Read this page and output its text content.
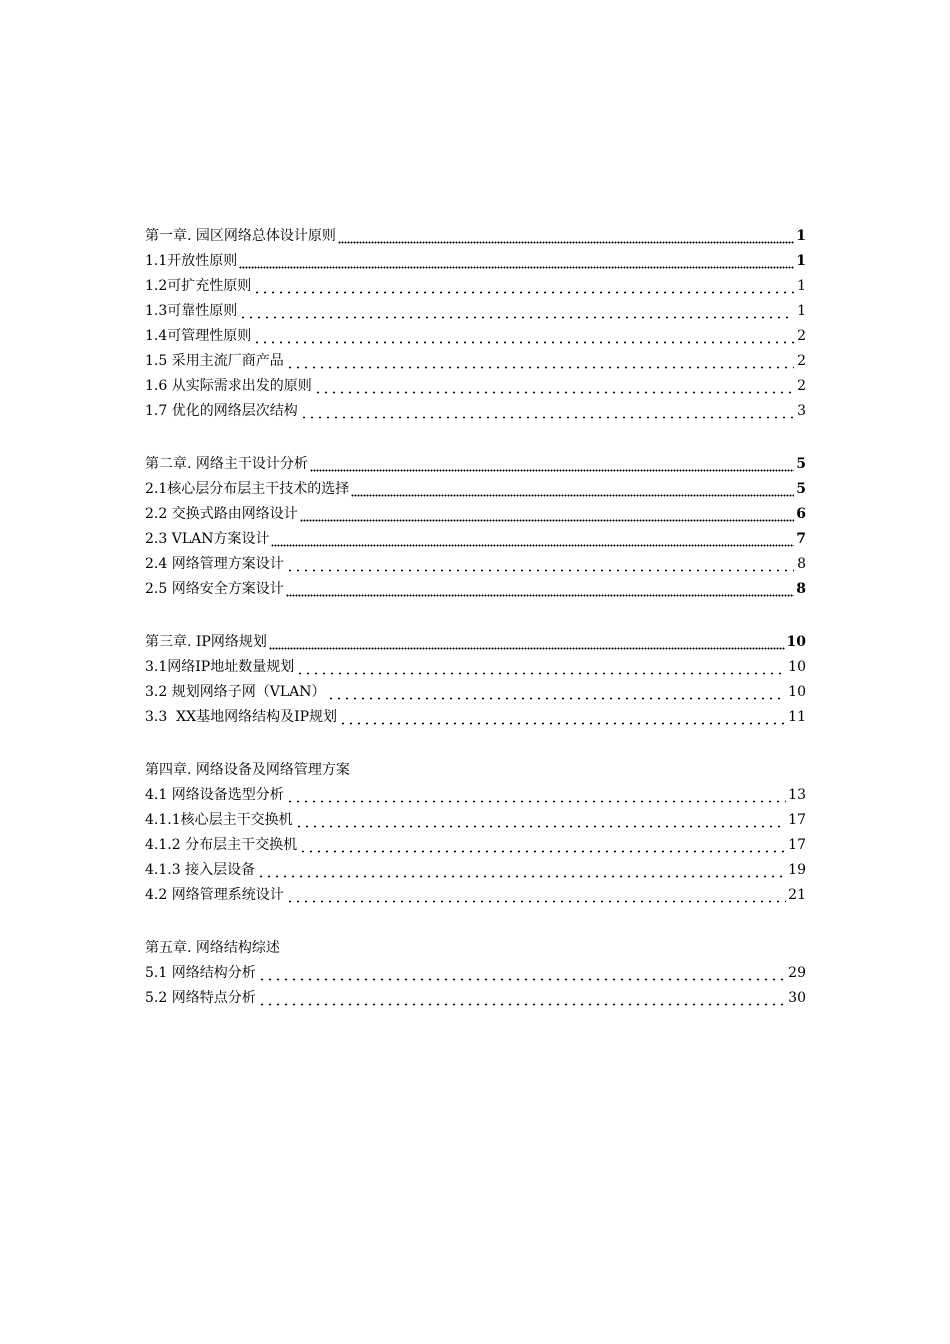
第一章. 园区网络总体设计原则	1
1.1开放性原则	1
1.2可扩充性原则	1
1.3可靠性原则	1
1.4可管理性原则	2
1.5 采用主流厂商产品	2
1.6 从实际需求出发的原则	2
1.7 优化的网络层次结构	3
第二章. 网络主干设计分析	5
2.1核心层分布层主干技术的选择	5
2.2 交换式路由网络设计	6
2.3 VLAN方案设计	7
2.4 网络管理方案设计	8
2.5 网络安全方案设计	8
第三章. IP网络规划	10
3.1网络IP地址数量规划	10
3.2 规划网络子网（VLAN）	10
3.3  XX基地网络结构及IP规划	11
第四章. 网络设备及网络管理方案
4.1 网络设备选型分析	13
4.1.1核心层主干交换机	17
4.1.2 分布层主干交换机	17
4.1.3 接入层设备	19
4.2 网络管理系统设计	21
第五章. 网络结构综述
5.1 网络结构分析	29
5.2 网络特点分析	30
